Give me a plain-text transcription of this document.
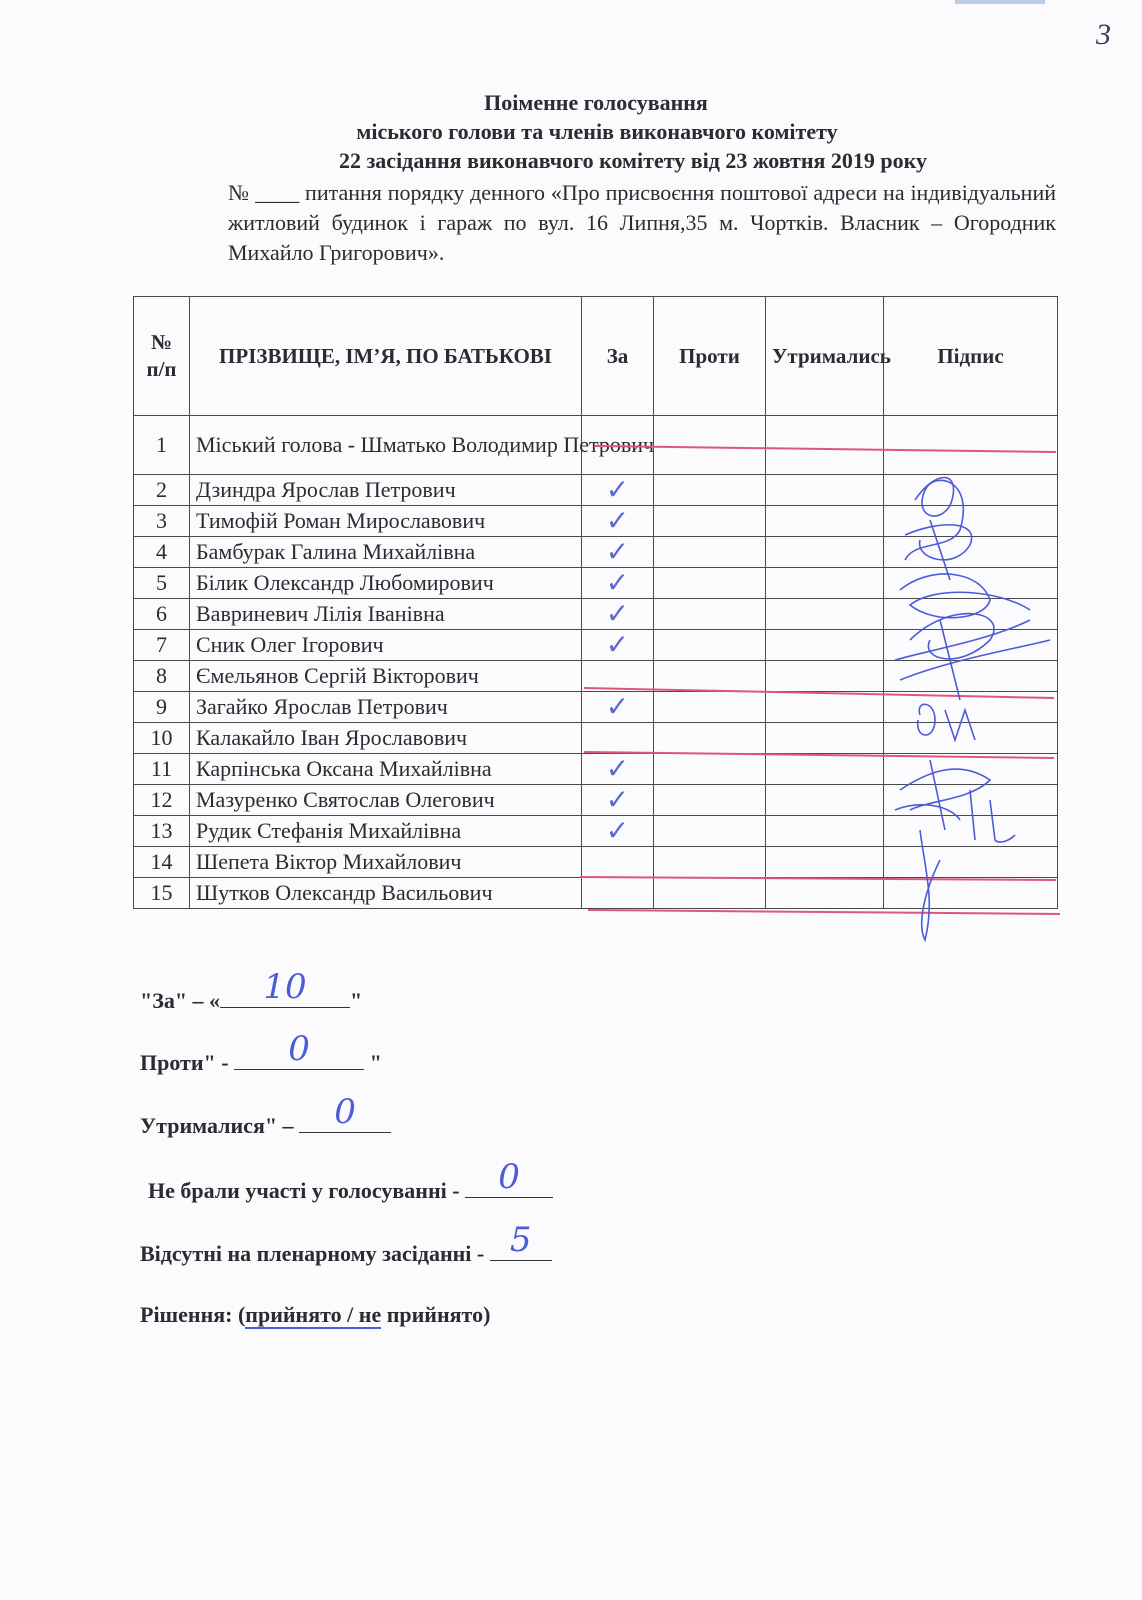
3
Поіменне голосування
міського голови та членів виконавчого комітету
22 засідання виконавчого комітету від 23 жовтня 2019 року
№ ____ питання порядку денного «Про присвоєння поштової адреси на індивідуальний житловий будинок і гараж по вул. 16 Липня,35 м. Чортків. Власник – Огородник Михайло Григорович».
№ п/п	ПРІЗВИЩЕ, ІМ’Я, ПО БАТЬКОВІ	За	Проти	Утримались	Підпис
1	Міський голова - Шматько Володимир Петрович				
2	Дзиндра Ярослав Петрович	✓			
3	Тимофій Роман Мирославович	✓			
4	Бамбурак Галина Михайлівна	✓			
5	Білик Олександр Любомирович	✓			
6	Вавриневич Лілія Іванівна	✓			
7	Сник Олег Ігорович	✓			
8	Ємельянов Сергій Вікторович				
9	Загайко Ярослав Петрович	✓			
10	Калакайло Іван Ярославович				
11	Карпінська Оксана Михайлівна	✓			
12	Мазуренко Святослав Олегович	✓			
13	Рудик Стефанія Михайлівна	✓			
14	Шепета Віктор Михайлович				
15	Шутков Олександр Васильович				
"За" – «	10	"
Проти" -	0	"
Утрималися" –	0
Не брали участі у голосуванні - 0
Відсутні на пленарному засіданні - 5
Рішення: (прийнято / не прийнято)
